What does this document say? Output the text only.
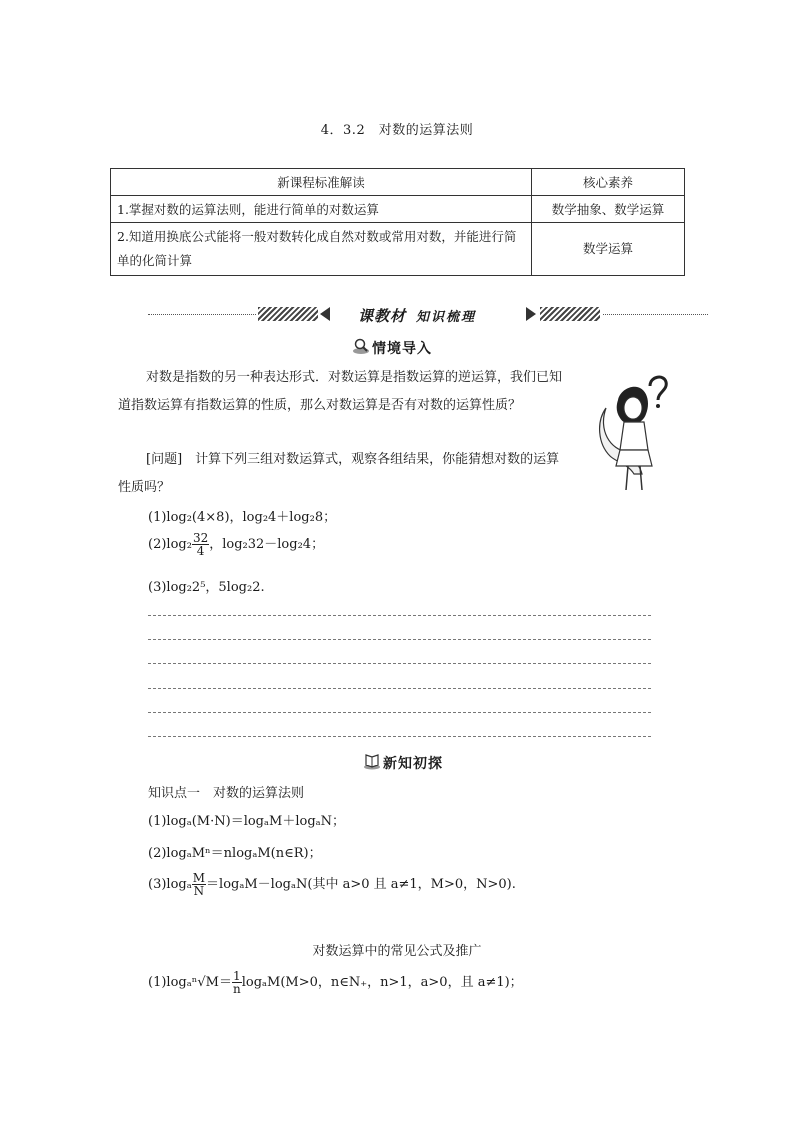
4．3.2　对数的运算法则
新课程标准解读	核心素养
1.掌握对数的运算法则，能进行简单的对数运算	数学抽象、数学运算
2.知道用换底公式能将一般对数转化成自然对数或常用对数，并能进行简单的化简计算	数学运算
课教材 知识梳理
情境导入
对数是指数的另一种表达形式．对数运算是指数运算的逆运算，我们已知道指数运算有指数运算的性质，那么对数运算是否有对数的运算性质？
[问题]　 计算下列三组对数运算式，观察各组结果，你能猜想对数的运算性质吗？
(1)log₂(4×8)，log₂4＋log₂8；
$(2)\log_2 \frac{32}{4}$ ，log₂32－log₂4；
(3)log₂2⁵，5log₂2.
新知初探
知识点一　对数的运算法则
(1)logₐ(M·N)＝logₐM＋logₐN；
(2)logₐMⁿ＝nlogₐM(n∈R)；
$(3)\log_a \frac{M}{N} =\log_aM-\log_aN$(其中 a>0 且 a≠1，M>0，N>0).
对数运算中的常见公式及推广
$(1)\log_a^n√M= \frac{1}{n} \log_aM(M>0$，n∈N₊，n>1，a>0，且 a≠1)；
